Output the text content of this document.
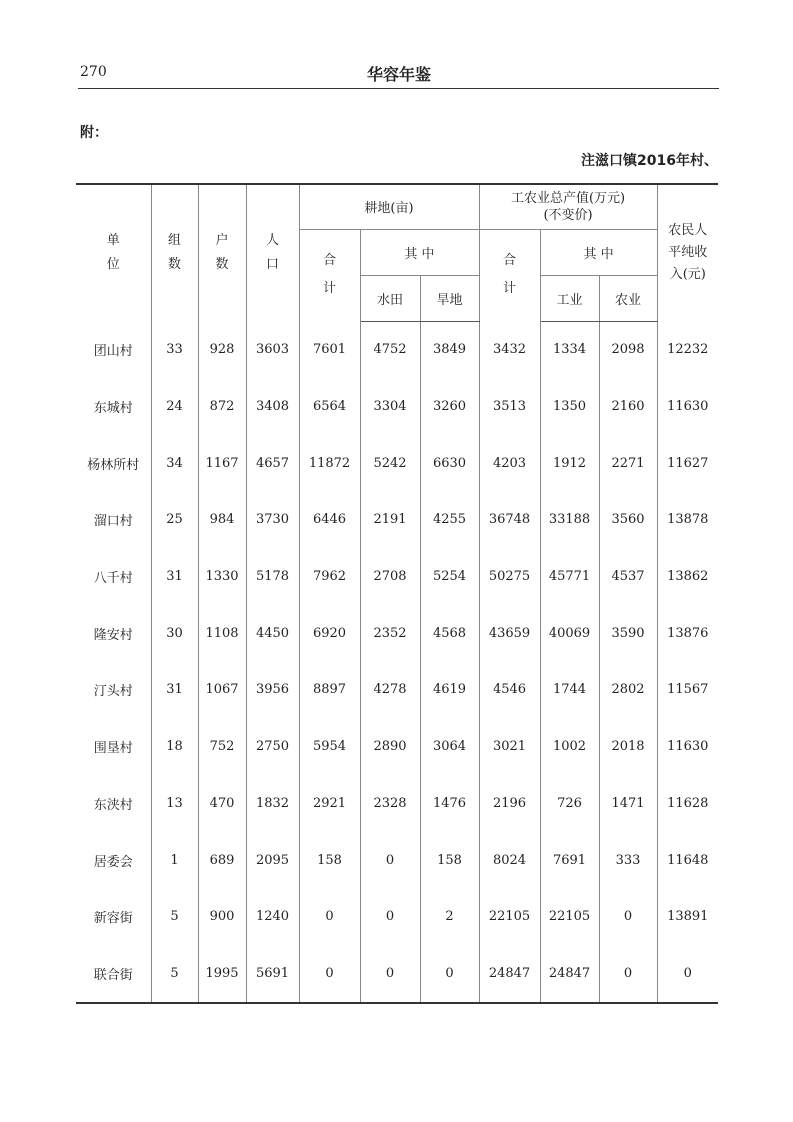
270	华容年鉴
附：
注滋口镇2016年村、
单位	组数	户数	人口	耕地(亩)			工农业总产值(万元)
(不变价)			农民人平纯收入(元)

				合计	其 中		合计	其 中		
					水田	旱地		工业	农业	
团山村	33	928	3603	7601	4752	3849	3432	1334	2098	12232
东城村	24	872	3408	6564	3304	3260	3513	1350	2160	11630
杨林所村	34	1167	4657	11872	5242	6630	4203	1912	2271	11627
溜口村	25	984	3730	6446	2191	4255	36748	33188	3560	13878
八千村	31	1330	5178	7962	2708	5254	50275	45771	4537	13862
隆安村	30	1108	4450	6920	2352	4568	43659	40069	3590	13876
汀头村	31	1067	3956	8897	4278	4619	4546	1744	2802	11567
围垦村	18	752	2750	5954	2890	3064	3021	1002	2018	11630
东浃村	13	470	1832	2921	2328	1476	2196	726	1471	11628
居委会	1	689	2095	158	0	158	8024	7691	333	11648
新容街	5	900	1240	0	0	2	22105	22105	0	13891
联合街	5	1995	5691	0	0	0	24847	24847	0	0
